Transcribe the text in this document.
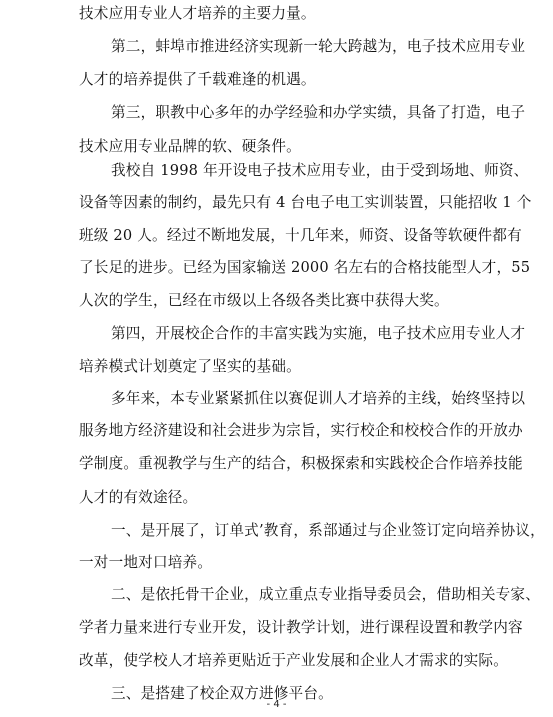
技术应用专业人才培养的主要力量。
第二，蚌埠市推进经济实现新一轮大跨越为，电子技术应用专业
人才的培养提供了千载难逢的机遇。
第三，职教中心多年的办学经验和办学实绩，具备了打造，电子
技术应用专业品牌的软、硬条件。
我校自 1998 年开设电子技术应用专业，由于受到场地、师资、
设备等因素的制约，最先只有 4 台电子电工实训装置，只能招收 1 个
班级 20 人。经过不断地发展，十几年来，师资、设备等软硬件都有
了长足的进步。已经为国家输送 2000 名左右的合格技能型人才，55
人次的学生，已经在市级以上各级各类比赛中获得大奖。
第四，开展校企合作的丰富实践为实施，电子技术应用专业人才
培养模式计划奠定了坚实的基础。
多年来，本专业紧紧抓住以赛促训人才培养的主线，始终坚持以
服务地方经济建设和社会进步为宗旨，实行校企和校校合作的开放办
学制度。重视教学与生产的结合，积极探索和实践校企合作培养技能
人才的有效途径。
一、是开展了，订单式’教育，系部通过与企业签订定向培养协议，
一对一地对口培养。
二、是依托骨干企业，成立重点专业指导委员会，借助相关专家、
学者力量来进行专业开发，设计教学计划，进行课程设置和教学内容
改革，使学校人才培养更贴近于产业发展和企业人才需求的实际。
三、是搭建了校企双方进修平台。
- 4 -
